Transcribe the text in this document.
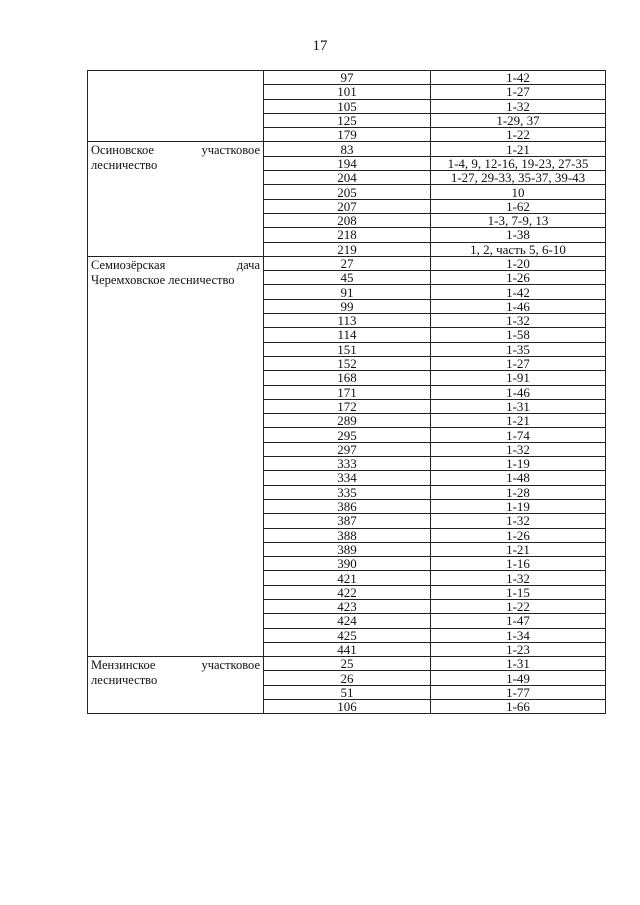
17
	97	1-42
	101	1-27
	105	1-32
	125	1-29, 37
	179	1-22

Осиновское участковое
лесничество	83	1-21
	194	1-4, 9, 12-16, 19-23, 27-35
	204	1-27, 29-33, 35-37, 39-43
	205	10
	207	1-62
	208	1-3, 7-9, 13
	218	1-38
	219	1, 2, часть 5, 6-10

Семиозёрская дача
Черемховское лесничество	27	1-20
	45	1-26
	91	1-42
	99	1-46
	113	1-32
	114	1-58
	151	1-35
	152	1-27
	168	1-91
	171	1-46
	172	1-31
	289	1-21
	295	1-74
	297	1-32
	333	1-19
	334	1-48
	335	1-28
	386	1-19
	387	1-32
	388	1-26
	389	1-21
	390	1-16
	421	1-32
	422	1-15
	423	1-22
	424	1-47
	425	1-34
	441	1-23

Мензинское участковое
лесничество	25	1-31
	26	1-49
	51	1-77
	106	1-66
